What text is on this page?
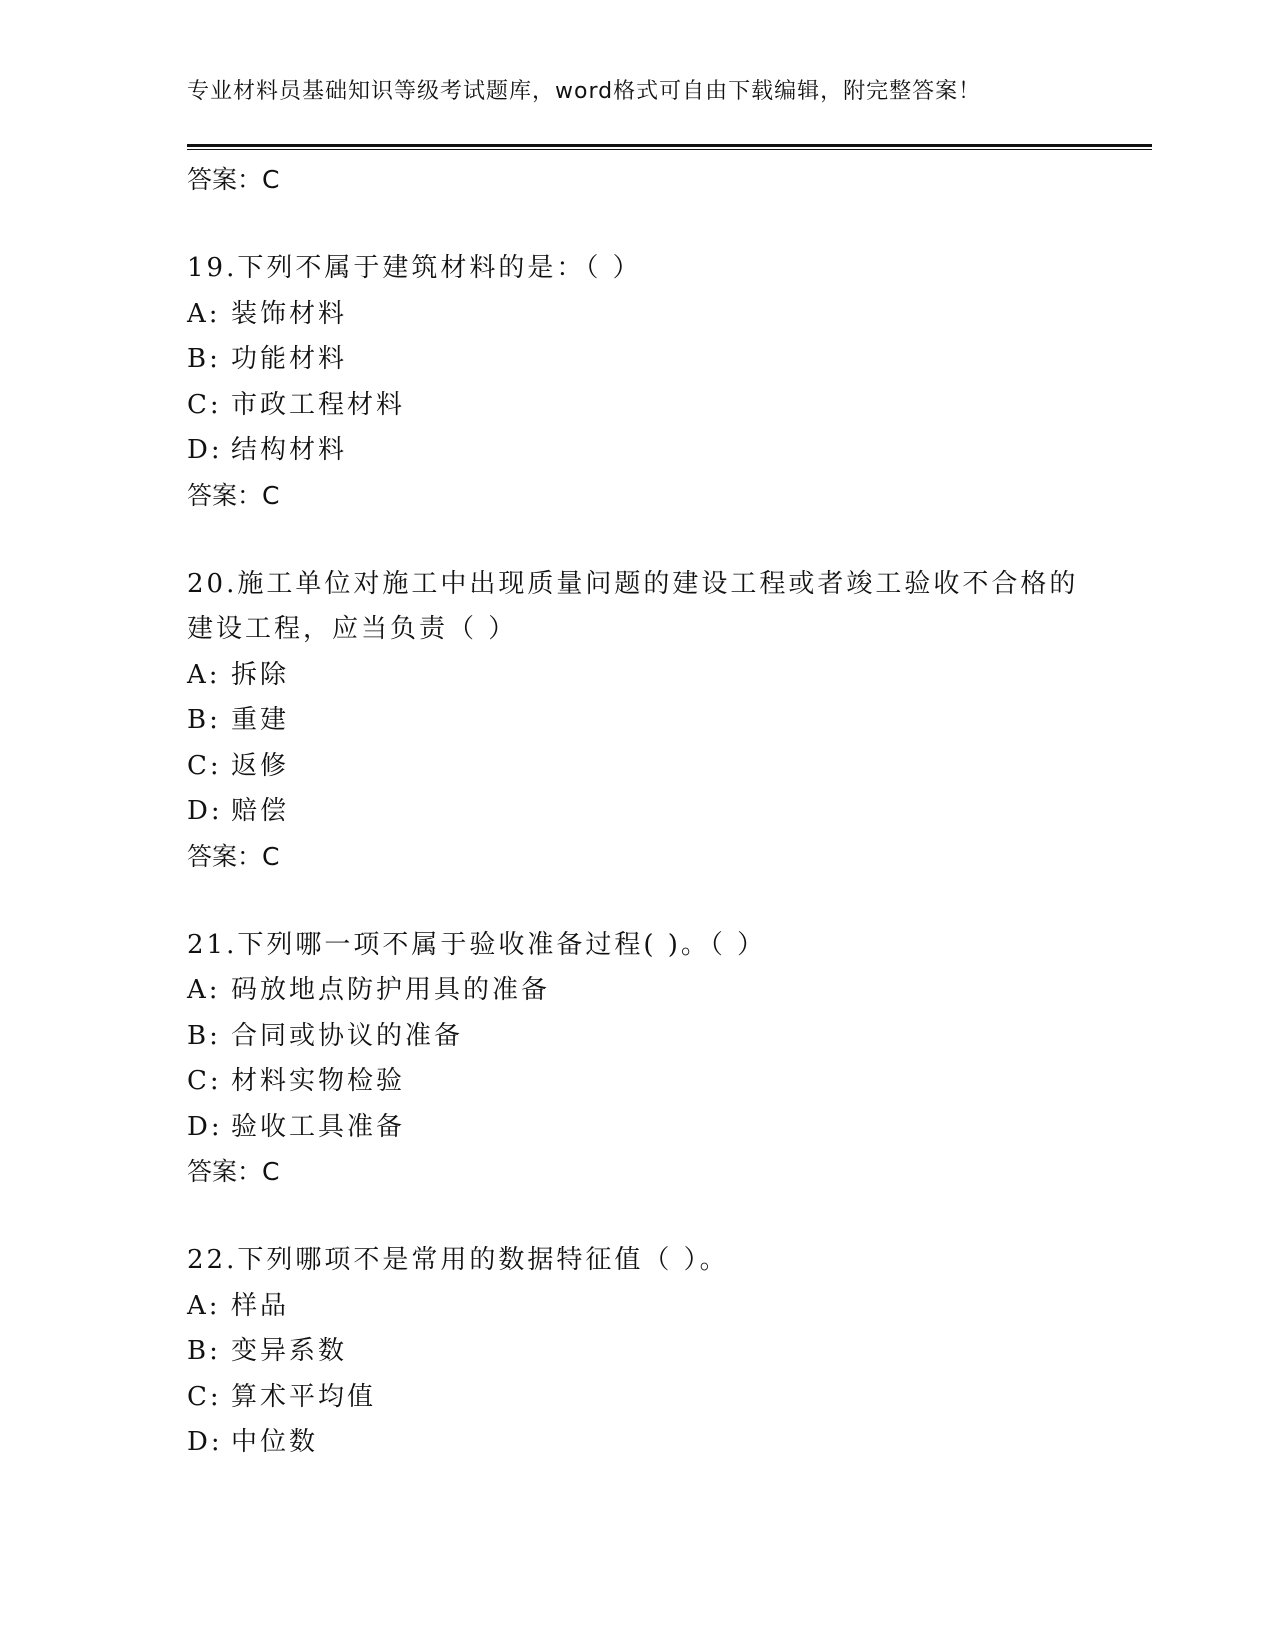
专业材料员基础知识等级考试题库，word格式可自由下载编辑，附完整答案！
答案：C
19.下列不属于建筑材料的是：（ ）
A: 装饰材料
B: 功能材料
C: 市政工程材料
D: 结构材料
答案：C
20.施工单位对施工中出现质量问题的建设工程或者竣工验收不合格的
建设工程，应当负责（ ）
A: 拆除
B: 重建
C: 返修
D: 赔偿
答案：C
21.下列哪一项不属于验收准备过程( )。（ ）
A: 码放地点防护用具的准备
B: 合同或协议的准备
C: 材料实物检验
D: 验收工具准备
答案：C
22.下列哪项不是常用的数据特征值（ ）。
A: 样品
B: 变异系数
C: 算术平均值
D: 中位数
